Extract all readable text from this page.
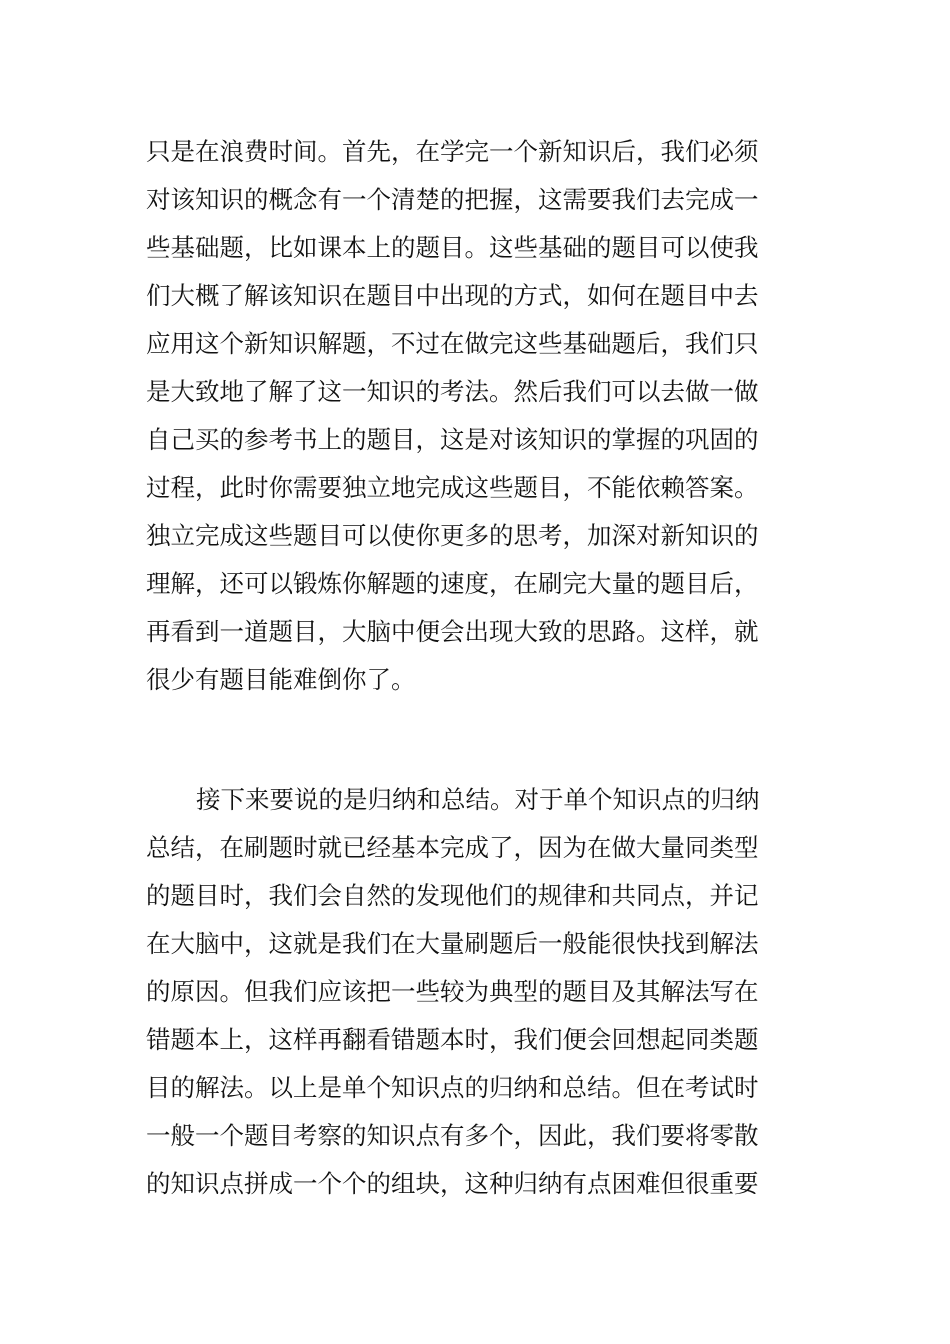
只是在浪费时间。首先，在学完一个新知识后，我们必须
对该知识的概念有一个清楚的把握，这需要我们去完成一
些基础题，比如课本上的题目。这些基础的题目可以使我
们大概了解该知识在题目中出现的方式，如何在题目中去
应用这个新知识解题，不过在做完这些基础题后，我们只
是大致地了解了这一知识的考法。然后我们可以去做一做
自己买的参考书上的题目，这是对该知识的掌握的巩固的
过程，此时你需要独立地完成这些题目，不能依赖答案。
独立完成这些题目可以使你更多的思考，加深对新知识的
理解，还可以锻炼你解题的速度，在刷完大量的题目后，
再看到一道题目，大脑中便会出现大致的思路。这样，就
很少有题目能难倒你了。
接下来要说的是归纳和总结。对于单个知识点的归纳
总结，在刷题时就已经基本完成了，因为在做大量同类型
的题目时，我们会自然的发现他们的规律和共同点，并记
在大脑中，这就是我们在大量刷题后一般能很快找到解法
的原因。但我们应该把一些较为典型的题目及其解法写在
错题本上，这样再翻看错题本时，我们便会回想起同类题
目的解法。以上是单个知识点的归纳和总结。但在考试时
一般一个题目考察的知识点有多个，因此，我们要将零散
的知识点拼成一个个的组块，这种归纳有点困难但很重要
